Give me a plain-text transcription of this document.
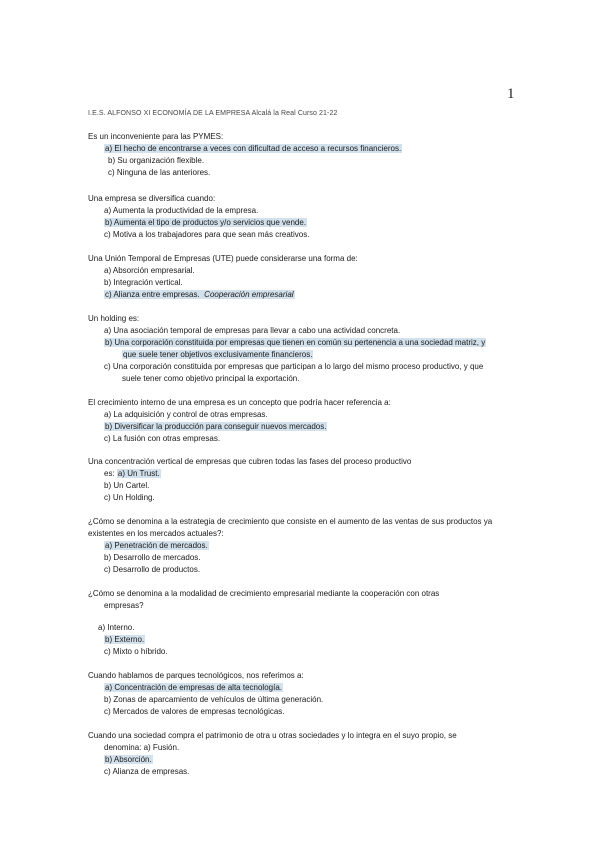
1
I.E.S. ALFONSO XI ECONOMÍA DE LA EMPRESA Alcalá la Real Curso 21-22
Es un inconveniente para las PYMES:
a) El hecho de encontrarse a veces con dificultad de acceso a recursos financieros.
b) Su organización flexible.
c) Ninguna de las anteriores.
Una empresa se diversifica cuando:
a) Aumenta la productividad de la empresa.
b) Aumenta el tipo de productos y/o servicios que vende.
c) Motiva a los trabajadores para que sean más creativos.
Una Unión Temporal de Empresas (UTE) puede considerarse una forma de:
a) Absorción empresarial.
b) Integración vertical.
c) Alianza entre empresas. Cooperación empresarial
Un holding es:
a) Una asociación temporal de empresas para llevar a cabo una actividad concreta.
b) Una corporación constituida por empresas que tienen en común su pertenencia a una sociedad matriz, y
que suele tener objetivos exclusivamente financieros.
c) Una corporación constituida por empresas que participan a lo largo del mismo proceso productivo, y que
suele tener como objetivo principal la exportación.
El crecimiento interno de una empresa es un concepto que podría hacer referencia a:
a) La adquisición y control de otras empresas.
b) Diversificar la producción para conseguir nuevos mercados.
c) La fusión con otras empresas.
Una concentración vertical de empresas que cubren todas las fases del proceso productivo
es: a) Un Trust.
b) Un Cartel.
c) Un Holding.
¿Cómo se denomina a la estrategia de crecimiento que consiste en el aumento de las ventas de sus productos ya
existentes en los mercados actuales?:
a) Penetración de mercados.
b) Desarrollo de mercados.
c) Desarrollo de productos.
¿Cómo se denomina a la modalidad de crecimiento empresarial mediante la cooperación con otras
empresas?
a) Interno.
b) Externo.
c) Mixto o híbrido.
Cuando hablamos de parques tecnológicos, nos referimos a:
a) Concentración de empresas de alta tecnología.
b) Zonas de aparcamiento de vehículos de última generación.
c) Mercados de valores de empresas tecnológicas.
Cuando una sociedad compra el patrimonio de otra u otras sociedades y lo integra en el suyo propio, se
denomina: a) Fusión.
b) Absorción.
c) Alianza de empresas.
